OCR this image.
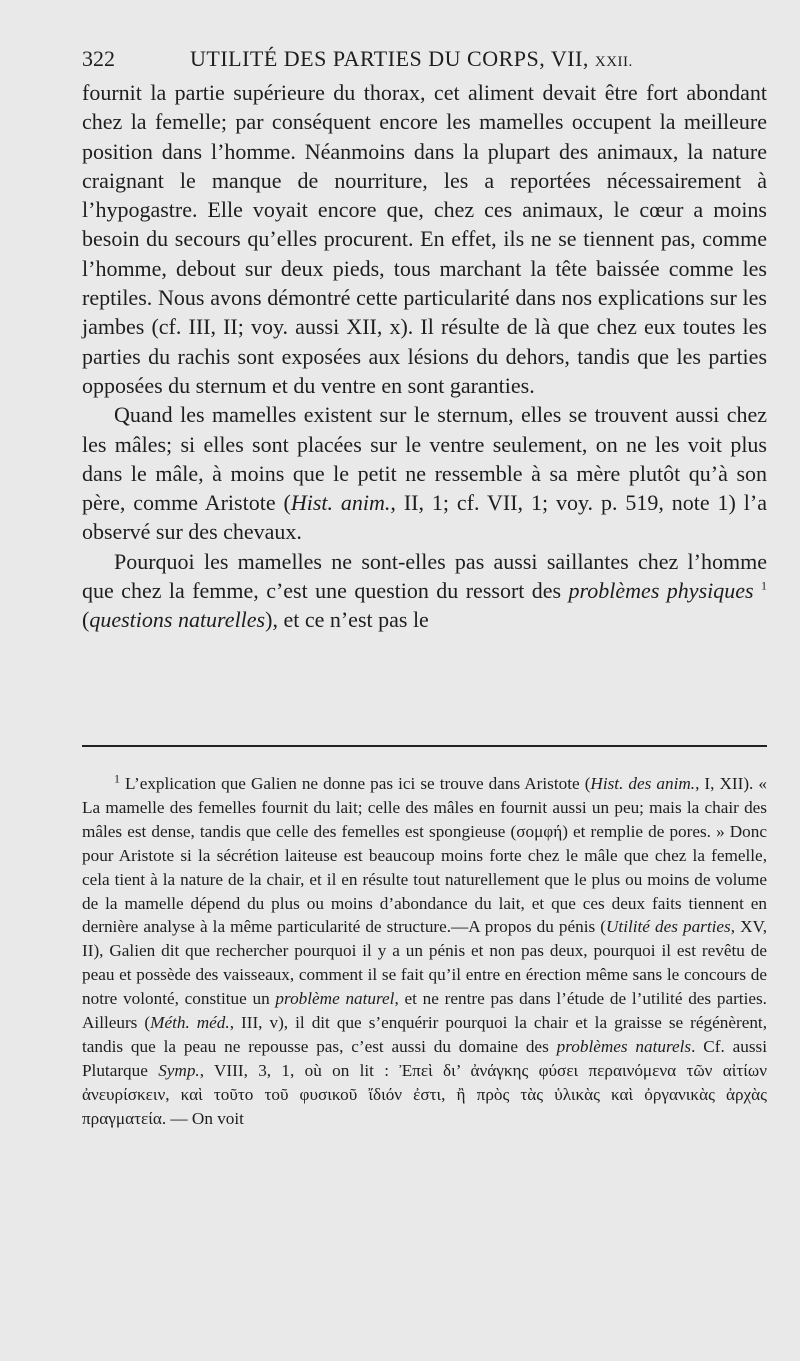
322	UTILITÉ DES PARTIES DU CORPS, VII, XXII.

fournit la partie supérieure du thorax, cet aliment devait être fort abondant chez la femelle; par conséquent encore les mamelles occupent la meilleure position dans l’homme. Néanmoins dans la plupart des animaux, la nature craignant le manque de nourriture, les a reportées nécessairement à l’hypogastre. Elle voyait encore que, chez ces animaux, le cœur a moins besoin du secours qu’elles procurent. En effet, ils ne se tiennent pas, comme l’homme, debout sur deux pieds, tous marchant la tête baissée comme les reptiles. Nous avons démontré cette particularité dans nos explications sur les jambes (cf. III, II; voy. aussi XII, x). Il résulte de là que chez eux toutes les parties du rachis sont exposées aux lésions du dehors, tandis que les parties opposées du sternum et du ventre en sont garanties.

Quand les mamelles existent sur le sternum, elles se trouvent aussi chez les mâles; si elles sont placées sur le ventre seulement, on ne les voit plus dans le mâle, à moins que le petit ne ressemble à sa mère plutôt qu’à son père, comme Aristote (Hist. anim., II, 1; cf. VII, 1; voy. p. 519, note 1) l’a observé sur des chevaux.

Pourquoi les mamelles ne sont-elles pas aussi saillantes chez l’homme que chez la femme, c’est une question du ressort des problèmes physiques $^1$ (questions naturelles), et ce n’est pas le

$^1$ L’explication que Galien ne donne pas ici se trouve dans Aristote (Hist. des anim., I, XII). « La mamelle des femelles fournit du lait; celle des mâles en fournit aussi un peu; mais la chair des mâles est dense, tandis que celle des femelles est spongieuse (σομφή) et remplie de pores. » Donc pour Aristote si la sécrétion laiteuse est beaucoup moins forte chez le mâle que chez la femelle, cela tient à la nature de la chair, et il en résulte tout naturellement que le plus ou moins de volume de la mamelle dépend du plus ou moins d’abondance du lait, et que ces deux faits tiennent en dernière analyse à la même particularité de structure.—A propos du pénis (Utilité des parties, XV, II), Galien dit que rechercher pourquoi il y a un pénis et non pas deux, pourquoi il est revêtu de peau et possède des vaisseaux, comment il se fait qu’il entre en érection même sans le concours de notre volonté, constitue un problème naturel, et ne rentre pas dans l’étude de l’utilité des parties. Ailleurs (Méth. méd., III, v), il dit que s’enquérir pourquoi la chair et la graisse se régénèrent, tandis que la peau ne repousse pas, c’est aussi du domaine des problèmes naturels. Cf. aussi Plutarque Symp., VIII, 3, 1, où on lit : Ἐπεὶ δι’ ἀνάγκης φύσει περαινόμενα τῶν αἰτίων ἀνευρίσκειν, καὶ τοῦτο τοῦ φυσικοῦ ἴδιόν ἐστι, ἢ πρὸς τὰς ὑλικὰς καὶ ὀργανικὰς ἀρχὰς πραγματεία. — On voit
